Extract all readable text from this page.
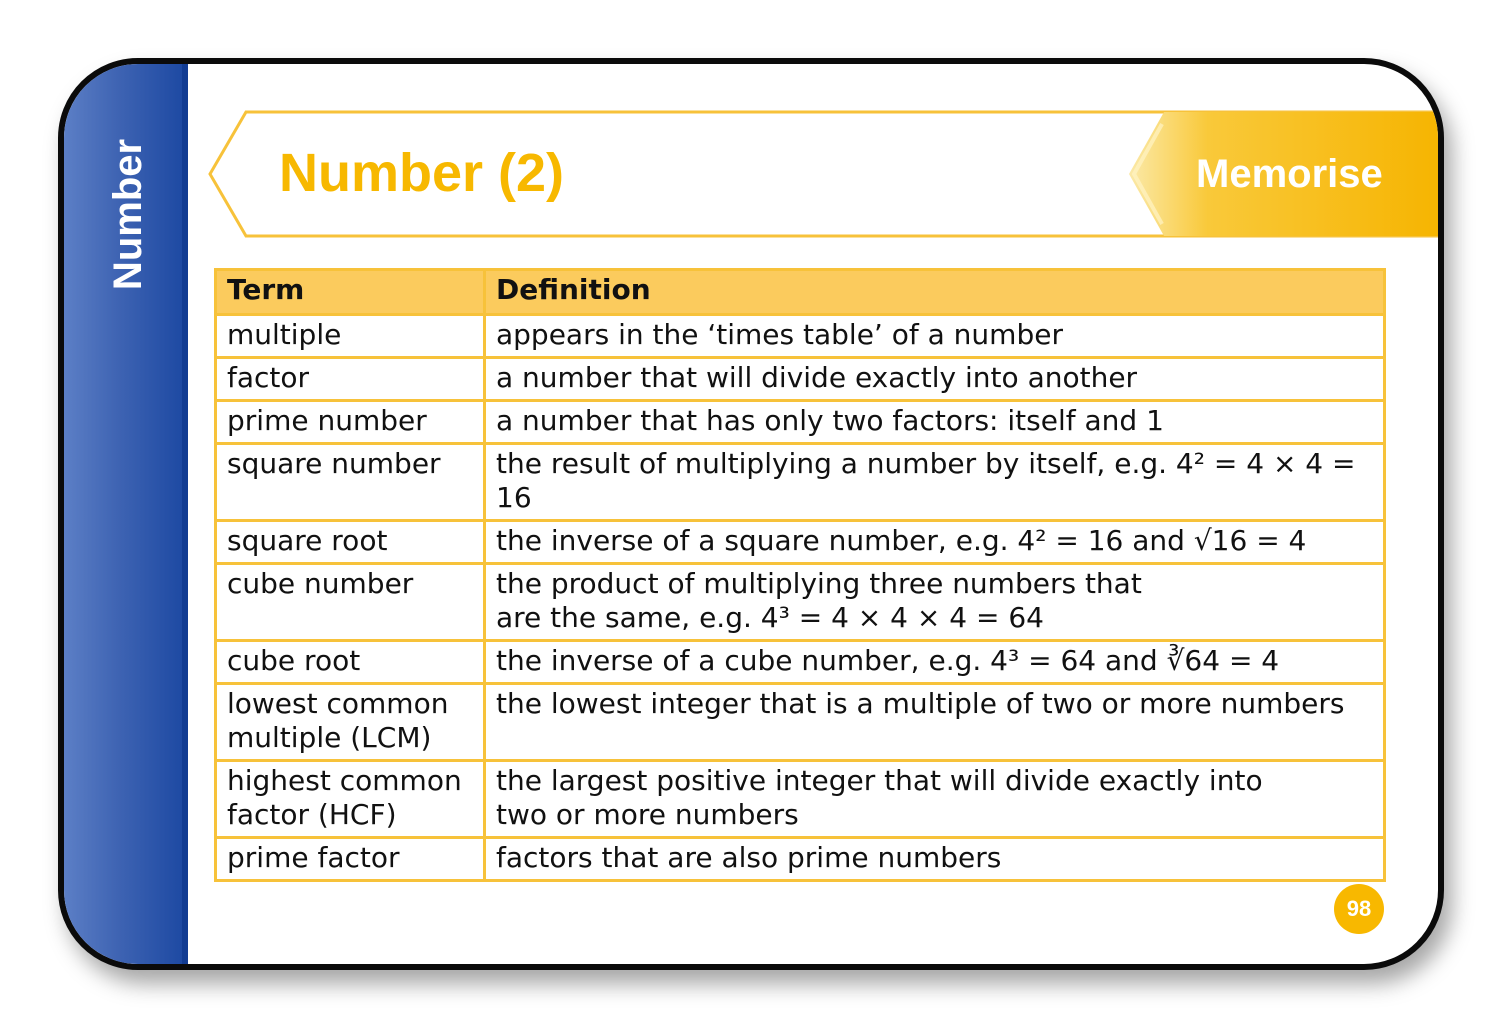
Number Number (2)	Memorise
Term	Definition
multiple	appears in the ‘times table’ of a number
factor	a number that will divide exactly into another
prime number	a number that has only two factors: itself and 1
square number	the result of multiplying a number by itself, e.g. 4² = 4 × 4 = 16
square root	the inverse of a square number, e.g. 4² = 16 and √16 = 4
cube number	the product of multiplying three numbers that
are the same, e.g. 4³ = 4 × 4 × 4 = 64

cube root	the inverse of a cube number, e.g. 4³ = 64 and ∛64 = 4
lowest common multiple (LCM)	the lowest integer that is a multiple of two or more numbers
highest common factor (HCF)	the largest positive integer that will divide exactly into
two or more numbers

prime factor	factors that are also prime numbers
98
